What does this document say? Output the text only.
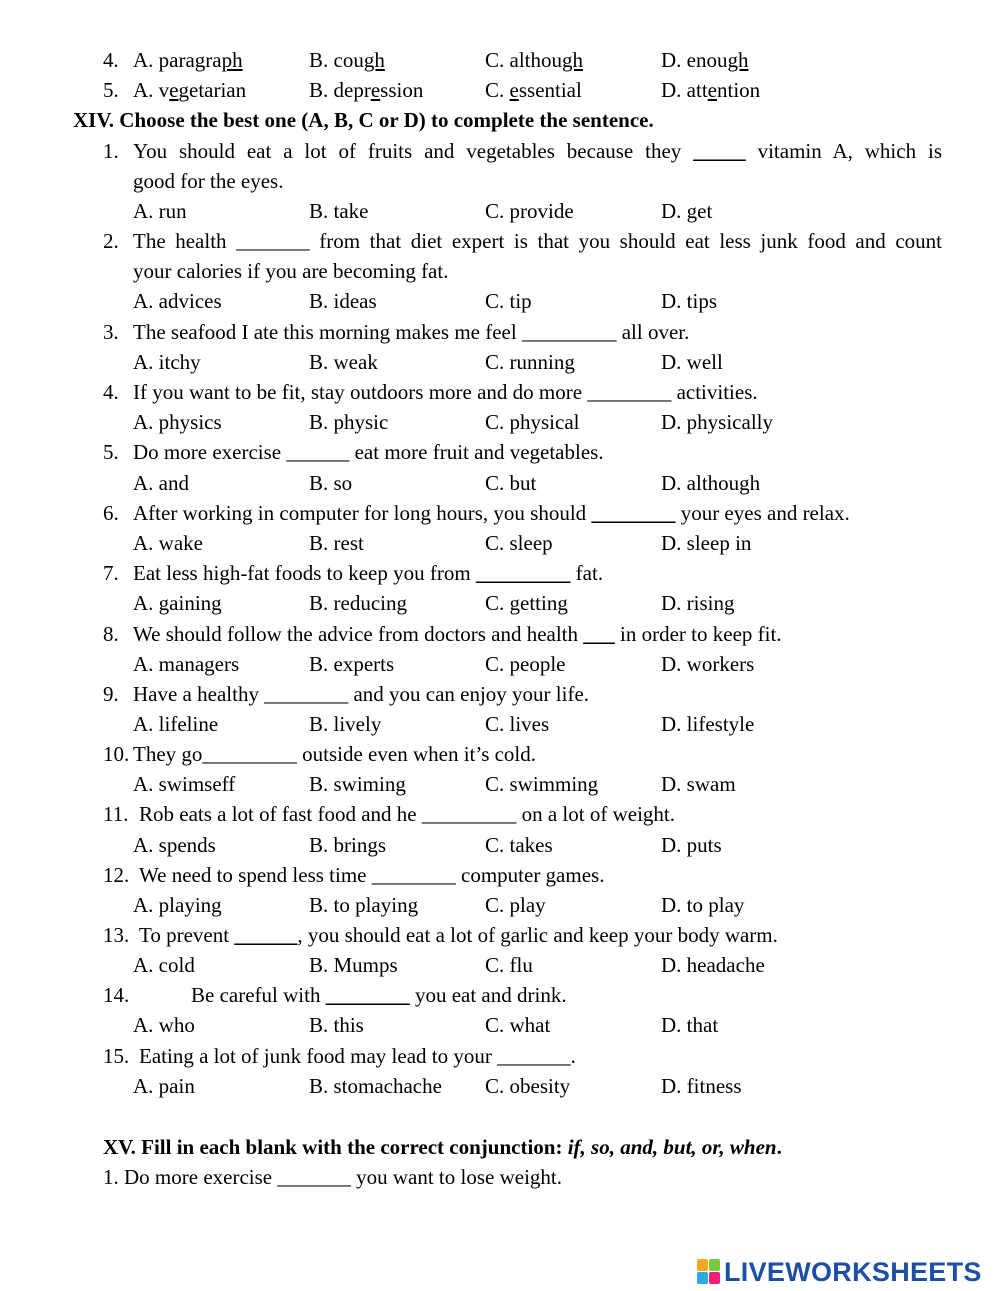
4. A. paragraph	B. cough	C. although	D. enough
5. A. vegetarian	B. depression	C. essential	D. attention
XIV. Choose the best one (A, B, C or D) to complete the sentence.
1. You should eat a lot of fruits and vegetables because they _____ vitamin A, which is
good for the eyes.
A. run	B. take	C. provide	D. get
2. The health _______ from that diet expert is that you should eat less junk food and count
your calories if you are becoming fat.
A. advices	B. ideas	C. tip	D. tips
3. The seafood I ate this morning makes me feel _________ all over.
A. itchy	B. weak	C. running	D. well
4. If you want to be fit, stay outdoors more and do more ________ activities.
A. physics	B. physic	C. physical	D. physically
5. Do more exercise ______ eat more fruit and vegetables.
A. and	B. so	C. but	D. although
6. After working in computer for long hours, you should ________ your eyes and relax.
A. wake	B. rest	C. sleep	D. sleep in
7. Eat less high-fat foods to keep you from _________ fat.
A. gaining	B. reducing	C. getting	D. rising
8. We should follow the advice from doctors and health ___ in order to keep fit.
A. managers	B. experts	C. people	D. workers
9. Have a healthy ________ and you can enjoy your life.
A. lifeline	B. lively	C. lives	D. lifestyle
10. They go_________ outside even when it’s cold.
A. swimseff	B. swiming	C. swimming	D. swam
11. Rob eats a lot of fast food and he _________ on a lot of weight.
A. spends	B. brings	C. takes	D. puts
12. We need to spend less time ________ computer games.
A. playing	B. to playing	C. play	D. to play
13. To prevent ______, you should eat a lot of garlic and keep your body warm.
A. cold	B. Mumps	C. flu	D. headache
14.	Be careful with ________ you eat and drink.
A. who	B. this	C. what	D. that
15. Eating a lot of junk food may lead to your _______.
A. pain	B. stomachache C. obesity	D. fitness
XV. Fill in each blank with the correct conjunction: if, so, and, but, or, when.
1. Do more exercise _______ you want to lose weight.
LIVEWORKSHEETS
